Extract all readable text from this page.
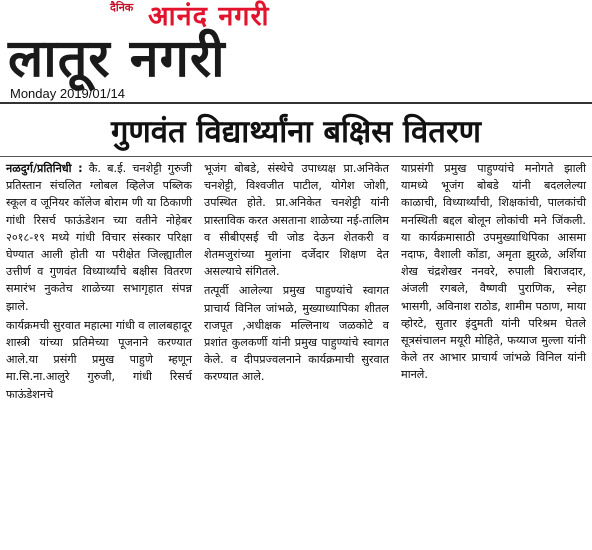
दैनिक आनंद नगरी
लातूर नगरी
Monday 2019/01/14
गुणवंत विद्यार्थ्यांना बक्षिस वितरण

नळदुर्ग/प्रतिनिधी : कै. ब.ई. चनशेट्टी गुरुजी प्रतिस्तान संचलित ग्लोबल व्हिलेज पब्लिक स्कूल व जूनियर कॉलेज बोराम णी या ठिकाणी गांधी रिसर्च फाऊंडेशन च्या वतीने नोहेबर २०१८-१९ मध्ये गांधी विचार संस्कार परिक्षा घेण्यात आली होती या परीक्षेत जिल्ह्यातील उत्तीर्ण व गुणवंत विध्यार्थ्यांचे बक्षीस वितरण समारंभ नुकतेच शाळेच्या सभागृहात संपन्न झाले.

कार्यक्रमची सुरवात महात्मा गांधी व लालबहादूर शास्त्री यांच्या प्रतिमेच्या पूजनाने करण्यात आले.या प्रसंगी प्रमुख पाहुणे म्हणून मा.सि.ना.आलुरे गुरुजी, गांधी रिसर्च फाऊंडेशनचे

भूजंग बोबडे, संस्थेचे उपाध्यक्ष प्रा.अनिकेत चनशेट्टी, विश्वजीत पाटील, योगेश जोशी, उपस्थित होते. प्रा.अनिकेत चनशेट्टी यांनी प्रास्ताविक करत असताना शाळेच्या नई-तालिम व सीबीएसई ची जोड देऊन शेतकरी व शेतमजुरांच्या मुलांना दर्जेदार शिक्षण देत असल्याचे संगितले.

तत्पूर्वी आलेल्या प्रमुख पाहुण्यांचे स्वागत प्राचार्य विनिल जांभळे, मुख्याध्यापिका शीतल राजपूत ,अधीक्षक मल्लिनाथ जळकोटे व प्रशांत कुलकर्णी यांनी प्रमुख पाहुण्यांचे स्वागत केले. व दीपप्रज्वलनाने कार्यक्रमाची सुरवात करण्यात आले.

याप्रसंगी प्रमुख पाहुण्यांचे मनोगते झाली यामध्ये भूजंग बोबडे यांनी बदललेल्या काळाची, विध्यार्थ्यांची, शिक्षकांची, पालकांची मनस्थिती बद्दल बोलून लोकांची मने जिंकली. या कार्यक्रमासाठी उपमुख्याधिपिका आसमा नदाफ, वैशाली कोंडा, अमृता झुरळे, अर्शिया शेख चंद्रशेखर ननवरे, रुपाली बिराजदार, अंजली रगबले, वैष्णवी पुराणिक, स्नेहा भासगी, अविनाश राठोड, शामीम पठाण, माया व्होरटे, सुतार इंदुमती यांनी परिश्रम घेतले सूत्रसंचालन मयूरी मोहिते, फय्याज मुल्ला यांनी केले तर आभार प्राचार्य जांभळे विनिल यांनी मानले.
